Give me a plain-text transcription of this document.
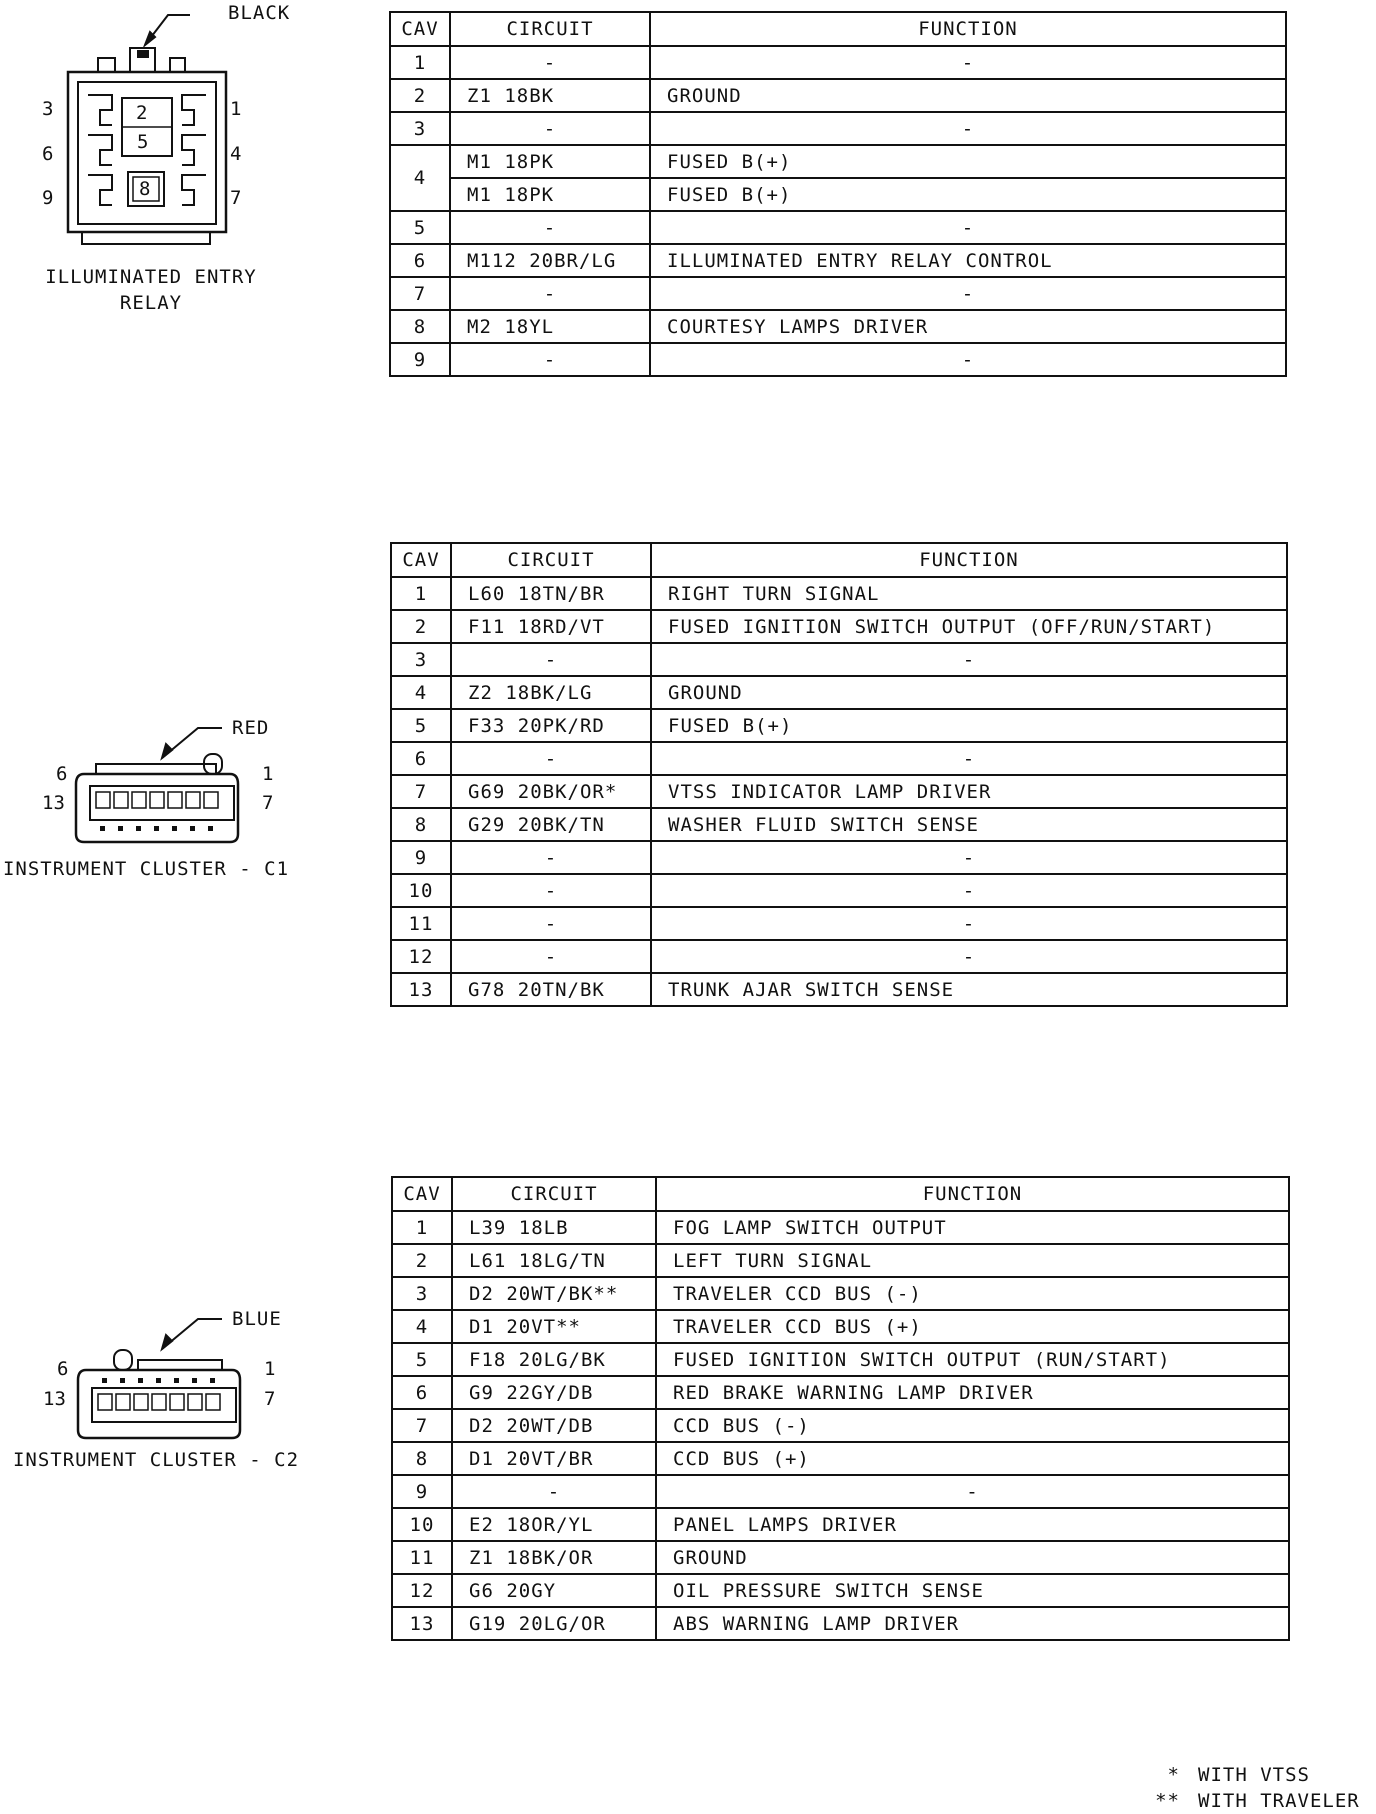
BLACK
3
6
9
1
4
7
2
5
8
ILLUMINATED ENTRY
RELAY
CAV	CIRCUIT	FUNCTION
1	-	-
2	Z1 18BK	GROUND
3	-	-
4	M1 18PK	FUSED B(+)
	M1 18PK	FUSED B(+)
5	-	-
6	M112 20BR/LG	ILLUMINATED ENTRY RELAY CONTROL
7	-	-
8	M2 18YL	COURTESY LAMPS DRIVER
9	-	-
RED
6
13
1
7
INSTRUMENT CLUSTER - C1
CAV	CIRCUIT	FUNCTION
1	L60 18TN/BR	RIGHT TURN SIGNAL
2	F11 18RD/VT	FUSED IGNITION SWITCH OUTPUT (OFF/RUN/START)
3	-	-
4	Z2 18BK/LG	GROUND
5	F33 20PK/RD	FUSED B(+)
6	-	-
7	G69 20BK/OR*	VTSS INDICATOR LAMP DRIVER
8	G29 20BK/TN	WASHER FLUID SWITCH SENSE
9	-	-
10	-	-
11	-	-
12	-	-
13	G78 20TN/BK	TRUNK AJAR SWITCH SENSE
BLUE
6
13
1
7
INSTRUMENT CLUSTER - C2
CAV	CIRCUIT	FUNCTION
1	L39 18LB	FOG LAMP SWITCH OUTPUT
2	L61 18LG/TN	LEFT TURN SIGNAL
3	D2 20WT/BK**	TRAVELER CCD BUS (-)
4	D1 20VT**	TRAVELER CCD BUS (+)
5	F18 20LG/BK	FUSED IGNITION SWITCH OUTPUT (RUN/START)
6	G9 22GY/DB	RED BRAKE WARNING LAMP DRIVER
7	D2 20WT/DB	CCD BUS (-)
8	D1 20VT/BR	CCD BUS (+)
9	-	-
10	E2 18OR/YL	PANEL LAMPS DRIVER
11	Z1 18BK/OR	GROUND
12	G6 20GY	OIL PRESSURE SWITCH SENSE
13	G19 20LG/OR	ABS WARNING LAMP DRIVER
* WITH VTSS
** WITH TRAVELER
